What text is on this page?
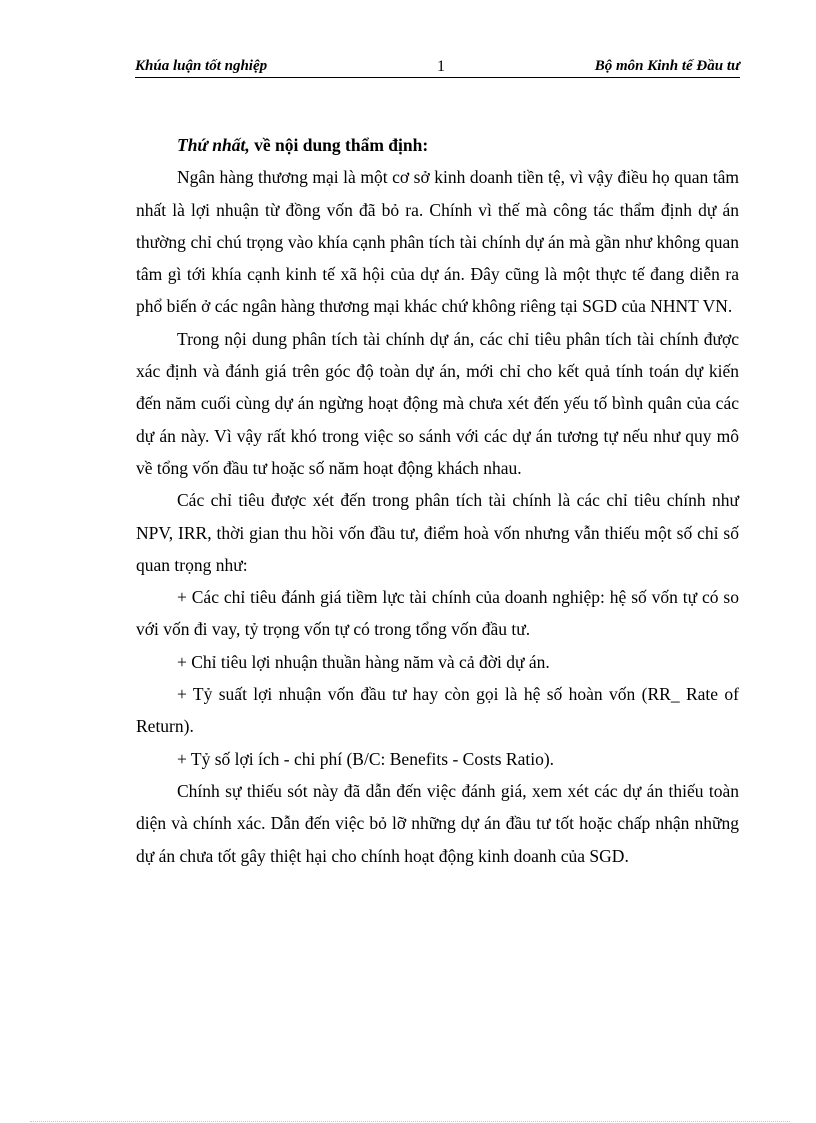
Khúa luận tốt nghiệp	1	Bộ môn Kinh tế Đầu tư

Thứ nhất, về nội dung thẩm định:

Ngân hàng thương mại là một cơ sở kinh doanh tiền tệ, vì vậy điều họ quan tâm nhất là lợi nhuận từ đồng vốn đã bỏ ra. Chính vì thế mà công tác thẩm định dự án thường chỉ chú trọng vào khía cạnh phân tích tài chính dự án mà gần như không quan tâm gì tới khía cạnh kinh tế xã hội của dự án. Đây cũng là một thực tế đang diễn ra phổ biến ở các ngân hàng thương mại khác chứ không riêng tại SGD của NHNT VN.

Trong nội dung phân tích tài chính dự án, các chỉ tiêu phân tích tài chính được xác định và đánh giá trên góc độ toàn dự án, mới chỉ cho kết quả tính toán dự kiến đến năm cuối cùng dự án ngừng hoạt động mà chưa xét đến yếu tố bình quân của các dự án này. Vì vậy rất khó trong việc so sánh với các dự án tương tự nếu như quy mô về tổng vốn đầu tư hoặc số năm hoạt động khách nhau.

Các chỉ tiêu được xét đến trong phân tích tài chính là các chỉ tiêu chính như NPV, IRR, thời gian thu hồi vốn đầu tư, điểm hoà vốn nhưng vẫn thiếu một số chỉ số quan trọng như:

+ Các chỉ tiêu đánh giá tiềm lực tài chính của doanh nghiệp: hệ số vốn tự có so với vốn đi vay, tỷ trọng vốn tự có trong tổng vốn đầu tư.

+ Chỉ tiêu lợi nhuận thuần hàng năm và cả đời dự án.

+ Tỷ suất lợi nhuận vốn đầu tư hay còn gọi là hệ số hoàn vốn (RR_ Rate of Return).

+ Tỷ số lợi ích - chi phí (B/C: Benefits - Costs Ratio).

Chính sự thiếu sót này đã dẫn đến việc đánh giá, xem xét các dự án thiếu toàn diện và chính xác. Dẫn đến việc bỏ lỡ những dự án đầu tư tốt hoặc chấp nhận những dự án chưa tốt gây thiệt hại cho chính hoạt động kinh doanh của SGD.
